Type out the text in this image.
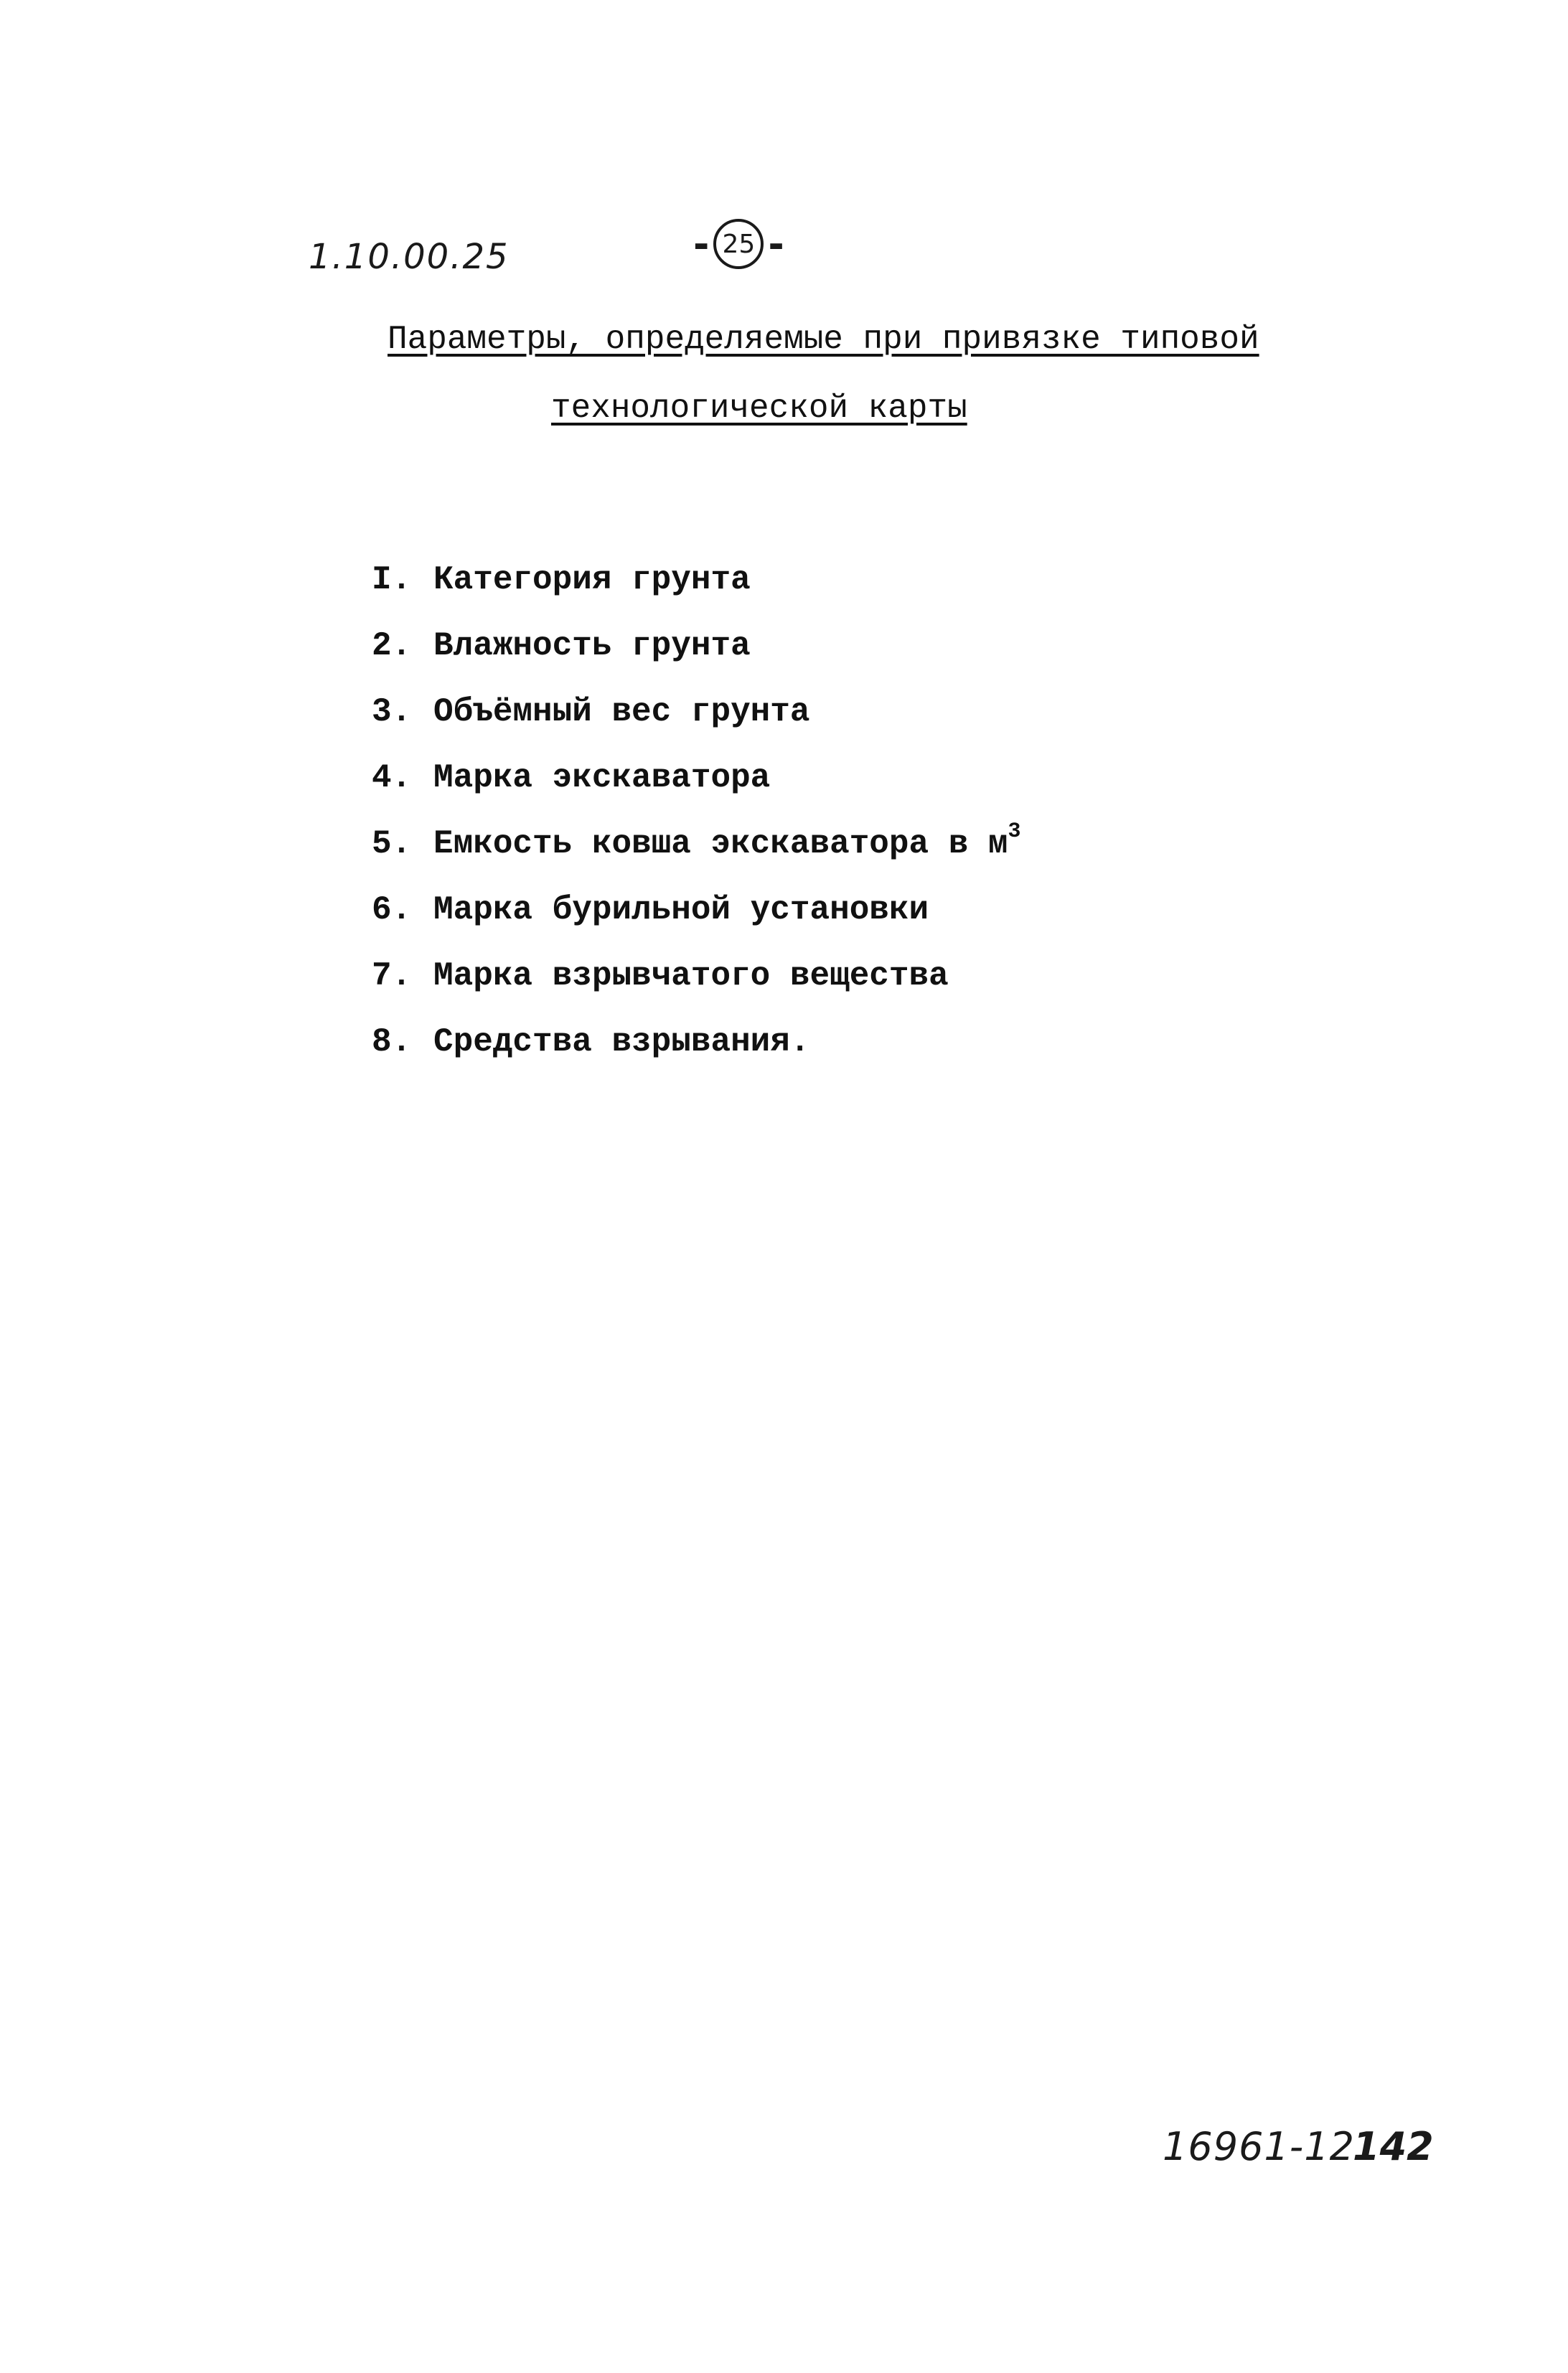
1.10.00.25	- 25 -
Параметры, определяемые при привязке типовой
технологической карты
I. Категория грунта
2. Влажность грунта
3. Объёмный вес грунта
4. Марка экскаватора
5. Емкость ковша экскаватора в $м^3$
6. Марка бурильной установки
7. Марка взрывчатого вещества
8. Средства взрывания.
16961-12
142
